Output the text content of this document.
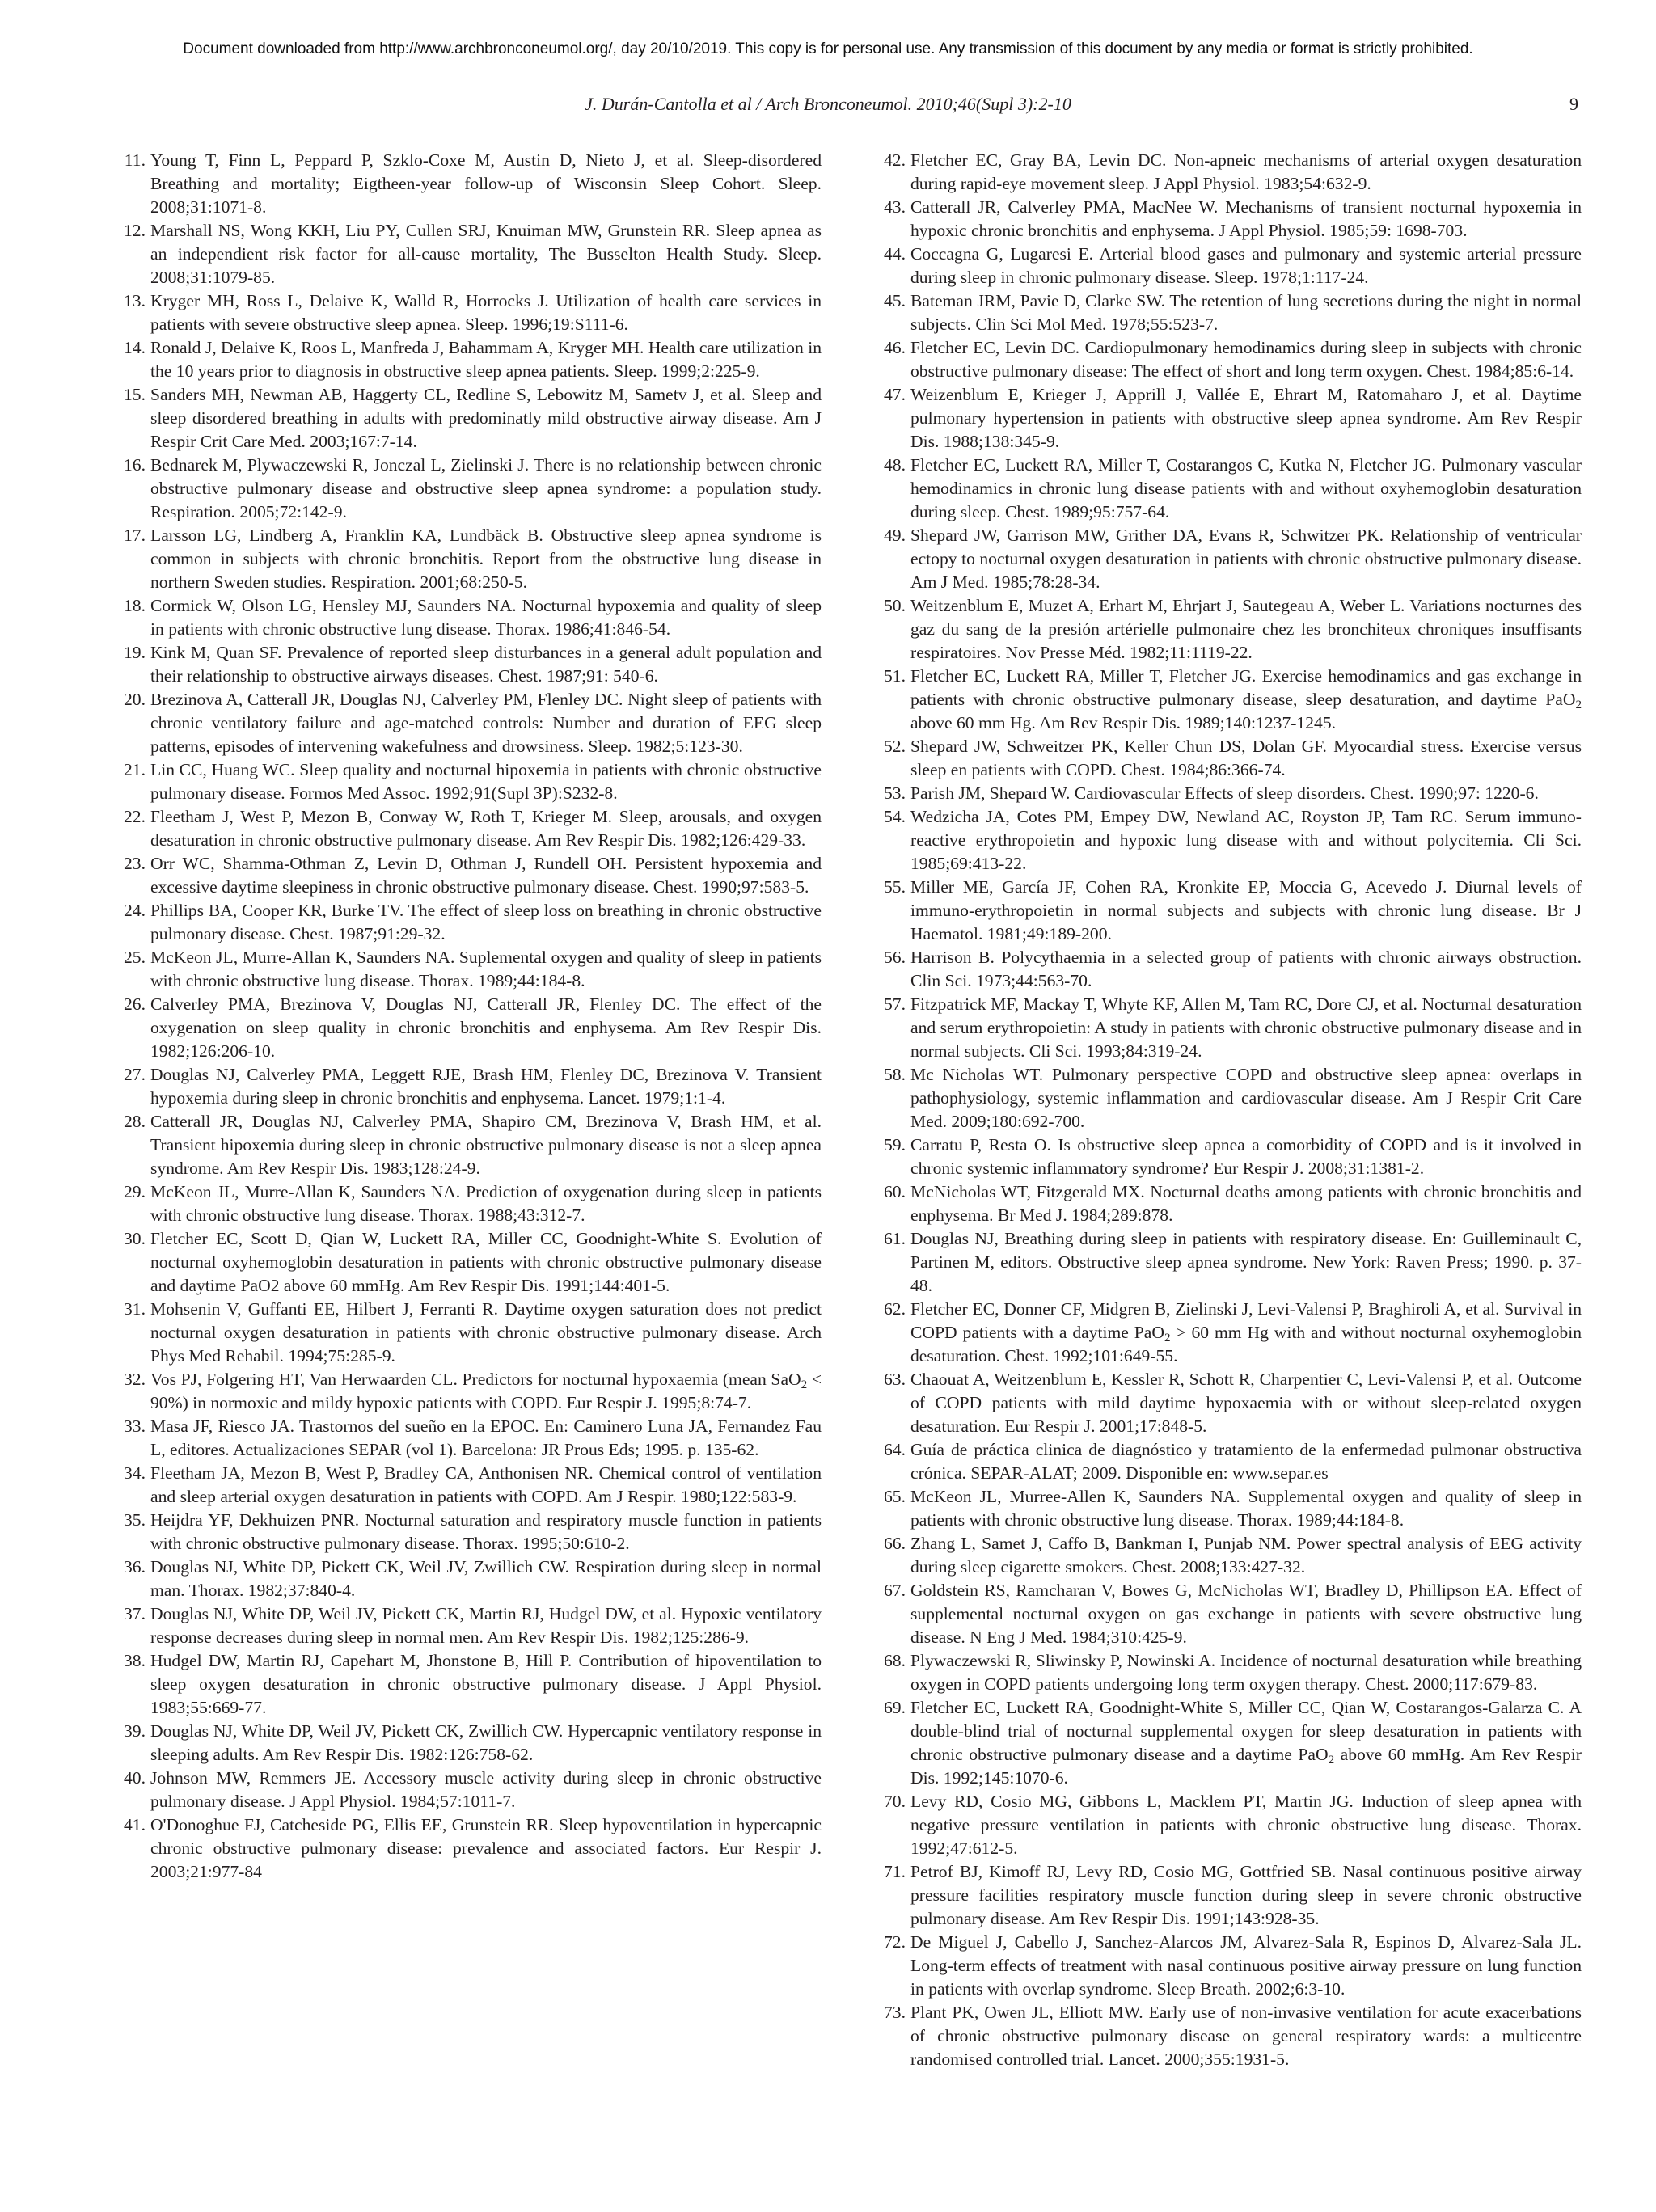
Document downloaded from http://www.archbronconeumol.org/, day 20/10/2019. This copy is for personal use. Any transmission of this document by any media or format is strictly prohibited.
J. Durán-Cantolla et al / Arch Bronconeumol. 2010;46(Supl 3):2-10	9
11. Young T, Finn L, Peppard P, Szklo-Coxe M, Austin D, Nieto J, et al. Sleep-disordered Breathing and mortality; Eigtheen-year follow-up of Wisconsin Sleep Cohort. Sleep. 2008;31:1071-8.
12. Marshall NS, Wong KKH, Liu PY, Cullen SRJ, Knuiman MW, Grunstein RR. Sleep apnea as an independient risk factor for all-cause mortality, The Busselton Health Study. Sleep. 2008;31:1079-85.
13. Kryger MH, Ross L, Delaive K, Walld R, Horrocks J. Utilization of health care services in patients with severe obstructive sleep apnea. Sleep. 1996;19:S111-6.
14. Ronald J, Delaive K, Roos L, Manfreda J, Bahammam A, Kryger MH. Health care utilization in the 10 years prior to diagnosis in obstructive sleep apnea patients. Sleep. 1999;2:225-9.
15. Sanders MH, Newman AB, Haggerty CL, Redline S, Lebowitz M, Sametv J, et al. Sleep and sleep disordered breathing in adults with predominatly mild obstructive airway disease. Am J Respir Crit Care Med. 2003;167:7-14.
16. Bednarek M, Plywaczewski R, Jonczal L, Zielinski J. There is no relationship between chronic obstructive pulmonary disease and obstructive sleep apnea syndrome: a population study. Respiration. 2005;72:142-9.
17. Larsson LG, Lindberg A, Franklin KA, Lundbäck B. Obstructive sleep apnea syndrome is common in subjects with chronic bronchitis. Report from the obstructive lung disease in northern Sweden studies. Respiration. 2001;68:250-5.
18. Cormick W, Olson LG, Hensley MJ, Saunders NA. Nocturnal hypoxemia and quality of sleep in patients with chronic obstructive lung disease. Thorax. 1986;41:846-54.
19. Kink M, Quan SF. Prevalence of reported sleep disturbances in a general adult population and their relationship to obstructive airways diseases. Chest. 1987;91: 540-6.
20. Brezinova A, Catterall JR, Douglas NJ, Calverley PM, Flenley DC. Night sleep of patients with chronic ventilatory failure and age-matched controls: Number and duration of EEG sleep patterns, episodes of intervening wakefulness and drowsiness. Sleep. 1982;5:123-30.
21. Lin CC, Huang WC. Sleep quality and nocturnal hipoxemia in patients with chronic obstructive pulmonary disease. Formos Med Assoc. 1992;91(Supl 3P):S232-8.
22. Fleetham J, West P, Mezon B, Conway W, Roth T, Krieger M. Sleep, arousals, and oxygen desaturation in chronic obstructive pulmonary disease. Am Rev Respir Dis. 1982;126:429-33.
23. Orr WC, Shamma-Othman Z, Levin D, Othman J, Rundell OH. Persistent hypoxemia and excessive daytime sleepiness in chronic obstructive pulmonary disease. Chest. 1990;97:583-5.
24. Phillips BA, Cooper KR, Burke TV. The effect of sleep loss on breathing in chronic obstructive pulmonary disease. Chest. 1987;91:29-32.
25. McKeon JL, Murre-Allan K, Saunders NA. Suplemental oxygen and quality of sleep in patients with chronic obstructive lung disease. Thorax. 1989;44:184-8.
26. Calverley PMA, Brezinova V, Douglas NJ, Catterall JR, Flenley DC. The effect of the oxygenation on sleep quality in chronic bronchitis and enphysema. Am Rev Respir Dis. 1982;126:206-10.
27. Douglas NJ, Calverley PMA, Leggett RJE, Brash HM, Flenley DC, Brezinova V. Transient hypoxemia during sleep in chronic bronchitis and enphysema. Lancet. 1979;1:1-4.
28. Catterall JR, Douglas NJ, Calverley PMA, Shapiro CM, Brezinova V, Brash HM, et al. Transient hipoxemia during sleep in chronic obstructive pulmonary disease is not a sleep apnea syndrome. Am Rev Respir Dis. 1983;128:24-9.
29. McKeon JL, Murre-Allan K, Saunders NA. Prediction of oxygenation during sleep in patients with chronic obstructive lung disease. Thorax. 1988;43:312-7.
30. Fletcher EC, Scott D, Qian W, Luckett RA, Miller CC, Goodnight-White S. Evolution of nocturnal oxyhemoglobin desaturation in patients with chronic obstructive pulmonary disease and daytime PaO2 above 60 mmHg. Am Rev Respir Dis. 1991;144:401-5.
31. Mohsenin V, Guffanti EE, Hilbert J, Ferranti R. Daytime oxygen saturation does not predict nocturnal oxygen desaturation in patients with chronic obstructive pulmonary disease. Arch Phys Med Rehabil. 1994;75:285-9.
32. Vos PJ, Folgering HT, Van Herwaarden CL. Predictors for nocturnal hypoxaemia (mean SaO$_2$ < 90%) in normoxic and mildy hypoxic patients with COPD. Eur Respir J. 1995;8:74-7.
33. Masa JF, Riesco JA. Trastornos del sueño en la EPOC. En: Caminero Luna JA, Fernandez Fau L, editores. Actualizaciones SEPAR (vol 1). Barcelona: JR Prous Eds; 1995. p. 135-62.
34. Fleetham JA, Mezon B, West P, Bradley CA, Anthonisen NR. Chemical control of ventilation and sleep arterial oxygen desaturation in patients with COPD. Am J Respir. 1980;122:583-9.
35. Heijdra YF, Dekhuizen PNR. Nocturnal saturation and respiratory muscle function in patients with chronic obstructive pulmonary disease. Thorax. 1995;50:610-2.
36. Douglas NJ, White DP, Pickett CK, Weil JV, Zwillich CW. Respiration during sleep in normal man. Thorax. 1982;37:840-4.
37. Douglas NJ, White DP, Weil JV, Pickett CK, Martin RJ, Hudgel DW, et al. Hypoxic ventilatory response decreases during sleep in normal men. Am Rev Respir Dis. 1982;125:286-9.
38. Hudgel DW, Martin RJ, Capehart M, Jhonstone B, Hill P. Contribution of hipoventilation to sleep oxygen desaturation in chronic obstructive pulmonary disease. J Appl Physiol. 1983;55:669-77.
39. Douglas NJ, White DP, Weil JV, Pickett CK, Zwillich CW. Hypercapnic ventilatory response in sleeping adults. Am Rev Respir Dis. 1982:126:758-62.
40. Johnson MW, Remmers JE. Accessory muscle activity during sleep in chronic obstructive pulmonary disease. J Appl Physiol. 1984;57:1011-7.
41. O'Donoghue FJ, Catcheside PG, Ellis EE, Grunstein RR. Sleep hypoventilation in hypercapnic chronic obstructive pulmonary disease: prevalence and associated factors. Eur Respir J. 2003;21:977-84
42. Fletcher EC, Gray BA, Levin DC. Non-apneic mechanisms of arterial oxygen desaturation during rapid-eye movement sleep. J Appl Physiol. 1983;54:632-9.
43. Catterall JR, Calverley PMA, MacNee W. Mechanisms of transient nocturnal hypoxemia in hypoxic chronic bronchitis and enphysema. J Appl Physiol. 1985;59: 1698-703.
44. Coccagna G, Lugaresi E. Arterial blood gases and pulmonary and systemic arterial pressure during sleep in chronic pulmonary disease. Sleep. 1978;1:117-24.
45. Bateman JRM, Pavie D, Clarke SW. The retention of lung secretions during the night in normal subjects. Clin Sci Mol Med. 1978;55:523-7.
46. Fletcher EC, Levin DC. Cardiopulmonary hemodinamics during sleep in subjects with chronic obstructive pulmonary disease: The effect of short and long term oxygen. Chest. 1984;85:6-14.
47. Weizenblum E, Krieger J, Apprill J, Vallée E, Ehrart M, Ratomaharo J, et al. Daytime pulmonary hypertension in patients with obstructive sleep apnea syndrome. Am Rev Respir Dis. 1988;138:345-9.
48. Fletcher EC, Luckett RA, Miller T, Costarangos C, Kutka N, Fletcher JG. Pulmonary vascular hemodinamics in chronic lung disease patients with and without oxyhemoglobin desaturation during sleep. Chest. 1989;95:757-64.
49. Shepard JW, Garrison MW, Grither DA, Evans R, Schwitzer PK. Relationship of ventricular ectopy to nocturnal oxygen desaturation in patients with chronic obstructive pulmonary disease. Am J Med. 1985;78:28-34.
50. Weitzenblum E, Muzet A, Erhart M, Ehrjart J, Sautegeau A, Weber L. Variations nocturnes des gaz du sang de la presión artérielle pulmonaire chez les bronchiteux chroniques insuffisants respiratoires. Nov Presse Méd. 1982;11:1119-22.
51. Fletcher EC, Luckett RA, Miller T, Fletcher JG. Exercise hemodinamics and gas exchange in patients with chronic obstructive pulmonary disease, sleep desaturation, and daytime PaO$_2$ above 60 mm Hg. Am Rev Respir Dis. 1989;140:1237-1245.
52. Shepard JW, Schweitzer PK, Keller Chun DS, Dolan GF. Myocardial stress. Exercise versus sleep en patients with COPD. Chest. 1984;86:366-74.
53. Parish JM, Shepard W. Cardiovascular Effects of sleep disorders. Chest. 1990;97: 1220-6.
54. Wedzicha JA, Cotes PM, Empey DW, Newland AC, Royston JP, Tam RC. Serum immuno-reactive erythropoietin and hypoxic lung disease with and without polycitemia. Cli Sci. 1985;69:413-22.
55. Miller ME, García JF, Cohen RA, Kronkite EP, Moccia G, Acevedo J. Diurnal levels of immuno-erythropoietin in normal subjects and subjects with chronic lung disease. Br J Haematol. 1981;49:189-200.
56. Harrison B. Polycythaemia in a selected group of patients with chronic airways obstruction. Clin Sci. 1973;44:563-70.
57. Fitzpatrick MF, Mackay T, Whyte KF, Allen M, Tam RC, Dore CJ, et al. Nocturnal desaturation and serum erythropoietin: A study in patients with chronic obstructive pulmonary disease and in normal subjects. Cli Sci. 1993;84:319-24.
58. Mc Nicholas WT. Pulmonary perspective COPD and obstructive sleep apnea: overlaps in pathophysiology, systemic inflammation and cardiovascular disease. Am J Respir Crit Care Med. 2009;180:692-700.
59. Carratu P, Resta O. Is obstructive sleep apnea a comorbidity of COPD and is it involved in chronic systemic inflammatory syndrome? Eur Respir J. 2008;31:1381-2.
60. McNicholas WT, Fitzgerald MX. Nocturnal deaths among patients with chronic bronchitis and enphysema. Br Med J. 1984;289:878.
61. Douglas NJ, Breathing during sleep in patients with respiratory disease. En: Guilleminault C, Partinen M, editors. Obstructive sleep apnea syndrome. New York: Raven Press; 1990. p. 37-48.
62. Fletcher EC, Donner CF, Midgren B, Zielinski J, Levi-Valensi P, Braghiroli A, et al. Survival in COPD patients with a daytime PaO$_2$ > 60 mm Hg with and without nocturnal oxyhemoglobin desaturation. Chest. 1992;101:649-55.
63. Chaouat A, Weitzenblum E, Kessler R, Schott R, Charpentier C, Levi-Valensi P, et al. Outcome of COPD patients with mild daytime hypoxaemia with or without sleep-related oxygen desaturation. Eur Respir J. 2001;17:848-5.
64. Guía de práctica clinica de diagnóstico y tratamiento de la enfermedad pulmonar obstructiva crónica. SEPAR-ALAT; 2009. Disponible en: www.separ.es
65. McKeon JL, Murree-Allen K, Saunders NA. Supplemental oxygen and quality of sleep in patients with chronic obstructive lung disease. Thorax. 1989;44:184-8.
66. Zhang L, Samet J, Caffo B, Bankman I, Punjab NM. Power spectral analysis of EEG activity during sleep cigarette smokers. Chest. 2008;133:427-32.
67. Goldstein RS, Ramcharan V, Bowes G, McNicholas WT, Bradley D, Phillipson EA. Effect of supplemental nocturnal oxygen on gas exchange in patients with severe obstructive lung disease. N Eng J Med. 1984;310:425-9.
68. Plywaczewski R, Sliwinsky P, Nowinski A. Incidence of nocturnal desaturation while breathing oxygen in COPD patients undergoing long term oxygen therapy. Chest. 2000;117:679-83.
69. Fletcher EC, Luckett RA, Goodnight-White S, Miller CC, Qian W, Costarangos-Galarza C. A double-blind trial of nocturnal supplemental oxygen for sleep desaturation in patients with chronic obstructive pulmonary disease and a daytime PaO$_2$ above 60 mmHg. Am Rev Respir Dis. 1992;145:1070-6.
70. Levy RD, Cosio MG, Gibbons L, Macklem PT, Martin JG. Induction of sleep apnea with negative pressure ventilation in patients with chronic obstructive lung disease. Thorax. 1992;47:612-5.
71. Petrof BJ, Kimoff RJ, Levy RD, Cosio MG, Gottfried SB. Nasal continuous positive airway pressure facilities respiratory muscle function during sleep in severe chronic obstructive pulmonary disease. Am Rev Respir Dis. 1991;143:928-35.
72. De Miguel J, Cabello J, Sanchez-Alarcos JM, Alvarez-Sala R, Espinos D, Alvarez-Sala JL. Long-term effects of treatment with nasal continuous positive airway pressure on lung function in patients with overlap syndrome. Sleep Breath. 2002;6:3-10.
73. Plant PK, Owen JL, Elliott MW. Early use of non-invasive ventilation for acute exacerbations of chronic obstructive pulmonary disease on general respiratory wards: a multicentre randomised controlled trial. Lancet. 2000;355:1931-5.
